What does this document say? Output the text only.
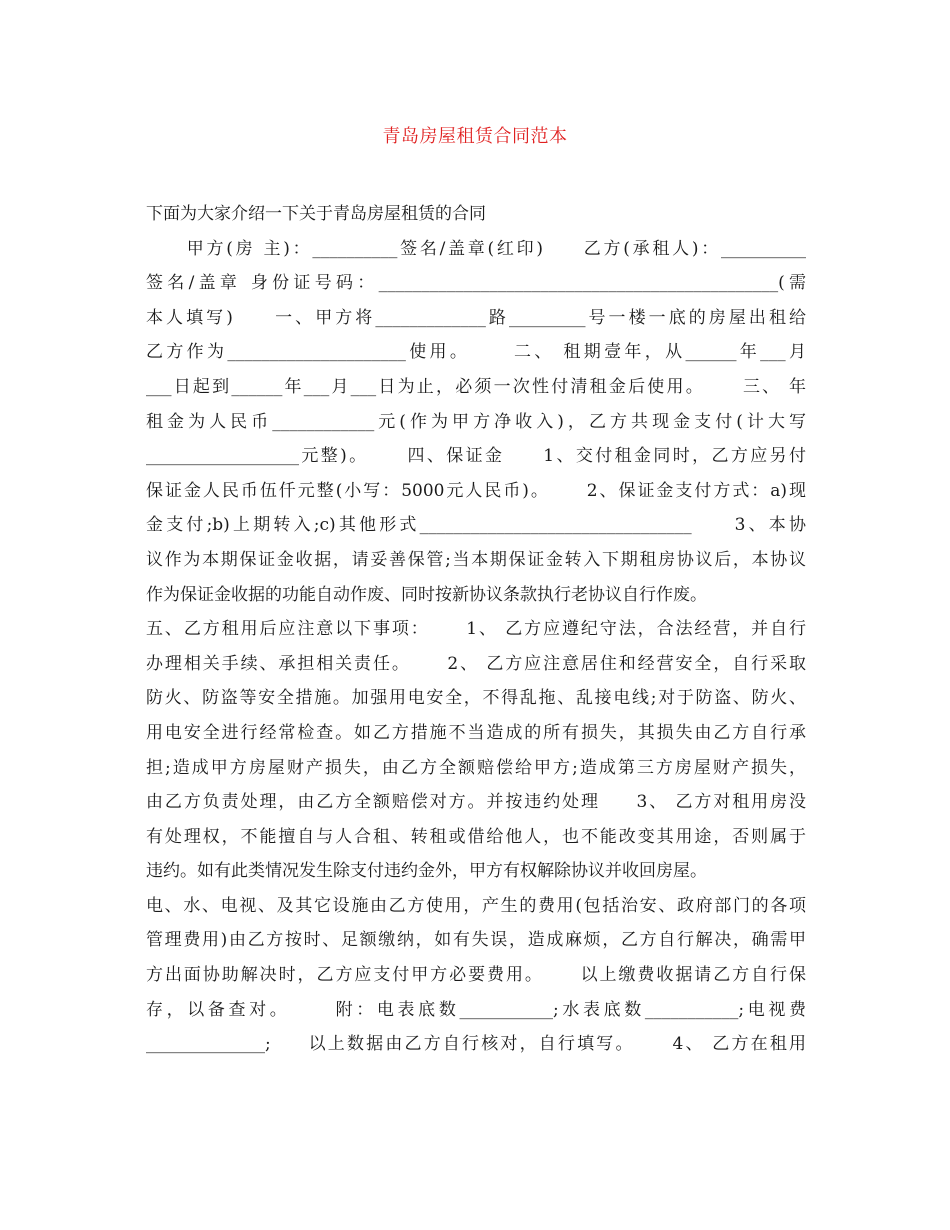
青岛房屋租赁合同范本
下面为大家介绍一下关于青岛房屋租赁的合同
甲方(房 主)：__________签名/盖章(红印)     乙方(承租人)：__________
签名/盖章 身份证号码：_______________________________________________(需
本人填写)     一、甲方将_____________路_________号一楼一底的房屋出租给
乙方作为_____________________使用。     二、 租期壹年，从______年___月
___日起到______年___月___日为止，必须一次性付清租金后使用。     三、 年
租金为人民币____________元(作为甲方净收入)，乙方共现金支付(计大写
__________________元整)。     四、保证金     1、交付租金同时，乙方应另付
保证金人民币伍仟元整(小写：5000元人民币)。     2、保证金支付方式：a)现
金支付;b)上期转入;c)其他形式________________________________     3、本协
议作为本期保证金收据，请妥善保管;当本期保证金转入下期租房协议后，本协议
作为保证金收据的功能自动作废、同时按新协议条款执行老协议自行作废。
五、乙方租用后应注意以下事项：     1、 乙方应遵纪守法，合法经营，并自行
办理相关手续、承担相关责任。     2、 乙方应注意居住和经营安全，自行采取
防火、防盗等安全措施。加强用电安全，不得乱拖、乱接电线;对于防盗、防火、
用电安全进行经常检查。如乙方措施不当造成的所有损失，其损失由乙方自行承
担;造成甲方房屋财产损失，由乙方全额赔偿给甲方;造成第三方房屋财产损失，
由乙方负责处理，由乙方全额赔偿对方。并按违约处理     3、 乙方对租用房没
有处理权，不能擅自与人合租、转租或借给他人，也不能改变其用途，否则属于
违约。如有此类情况发生除支付违约金外，甲方有权解除协议并收回房屋。
电、水、电视、及其它设施由乙方使用，产生的费用(包括治安、政府部门的各项
管理费用)由乙方按时、足额缴纳，如有失误，造成麻烦，乙方自行解决，确需甲
方出面协助解决时，乙方应支付甲方必要费用。     以上缴费收据请乙方自行保
存，以备查对。     附：电表底数___________;水表底数___________;电视费
______________;     以上数据由乙方自行核对，自行填写。     4、 乙方在租用
